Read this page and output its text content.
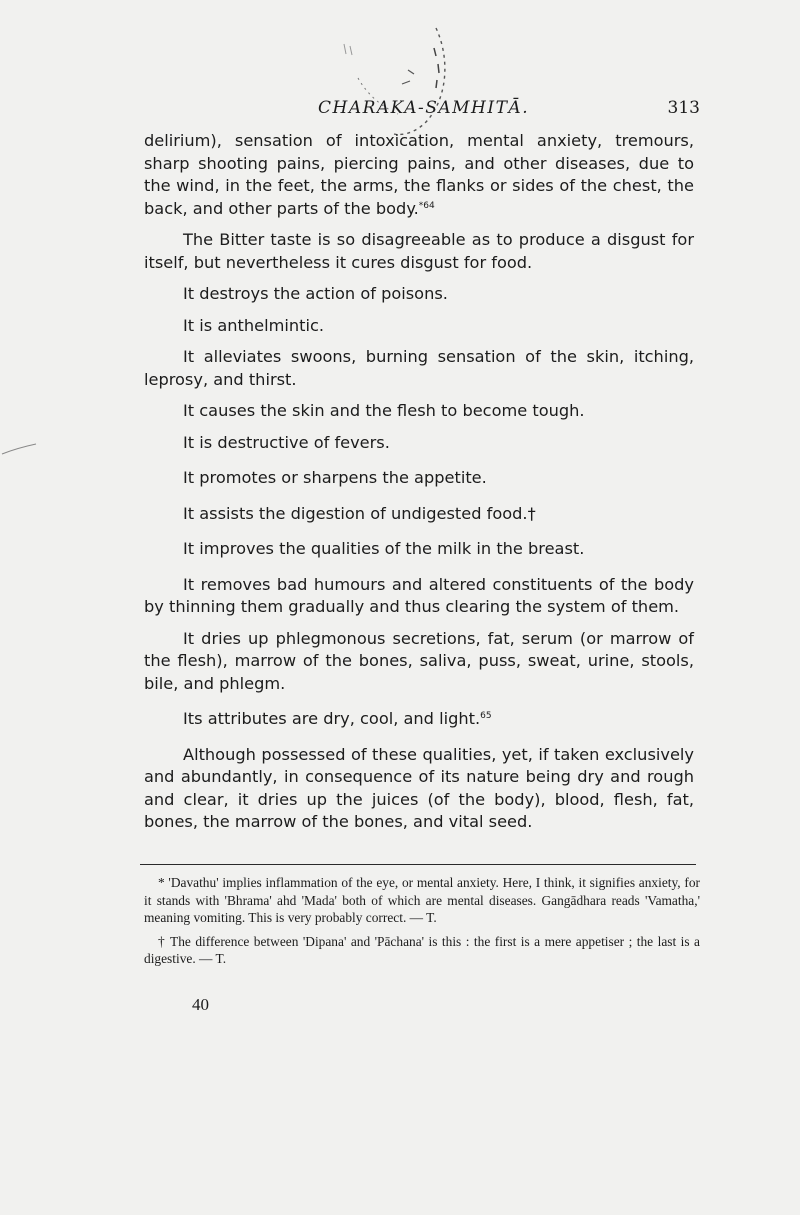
CHARAKA-SAMHITĀ.	313

delirium), sensation of intoxication, mental anxiety, tremours, sharp shooting pains, piercing pains, and other diseases, due to the wind, in the feet, the arms, the flanks or sides of the chest, the back, and other parts of the body.$^{*64}$

The Bitter taste is so disagreeable as to produce a disgust for itself, but nevertheless it cures disgust for food.

It destroys the action of poisons.

It is anthelmintic.

It alleviates swoons, burning sensation of the skin, itching, leprosy, and thirst.

It causes the skin and the flesh to become tough.

It is destructive of fevers.

It promotes or sharpens the appetite.

It assists the digestion of undigested food.†

It improves the qualities of the milk in the breast.

It removes bad humours and altered constituents of the body by thinning them gradually and thus clearing the system of them.

It dries up phlegmonous secretions, fat, serum (or marrow of the flesh), marrow of the bones, saliva, puss, sweat, urine, stools, bile, and phlegm.

Its attributes are dry, cool, and light.$^{65}$

Although possessed of these qualities, yet, if taken exclusively and abundantly, in consequence of its nature being dry and rough and clear, it dries up the juices (of the body), blood, flesh, fat, bones, the marrow of the bones, and vital seed.

* 'Davathu' implies inflammation of the eye, or mental anxiety. Here, I think, it signifies anxiety, for it stands with 'Bhrama' ahd 'Mada' both of which are mental diseases. Gangādhara reads 'Vamatha,' meaning vomiting. This is very probably correct. — T.

† The difference between 'Dipana' and 'Pāchana' is this : the first is a mere appetiser ; the last is a digestive. — T.

40
